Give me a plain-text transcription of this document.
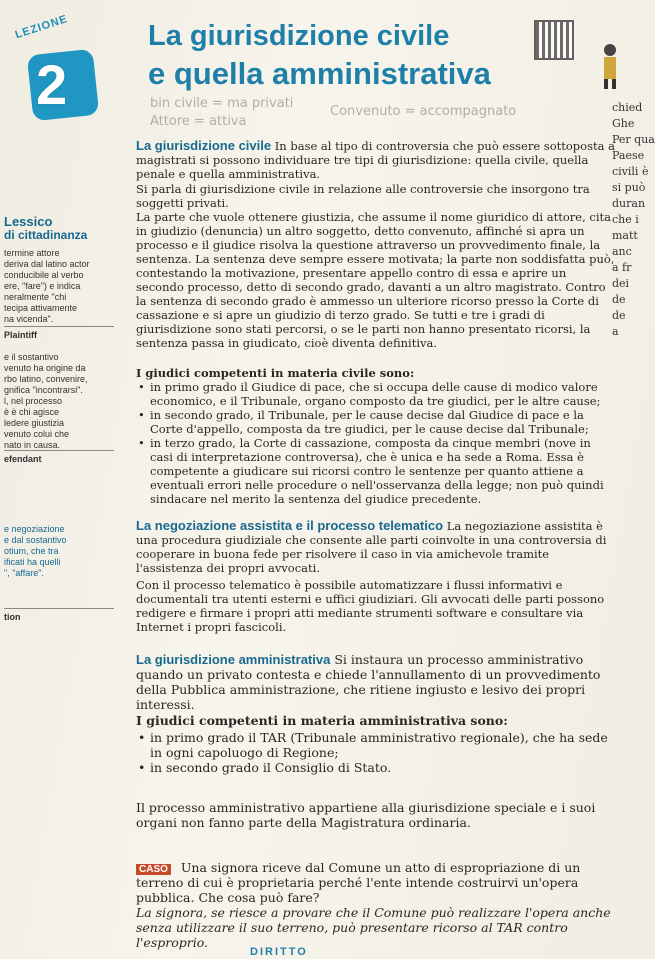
LEZIONE
2
La giurisdizione civile
e quella amministrativa
bin civile = ma privati
Attore = attiva
Convenuto = accompagnato	chied
Ghe
Per qua
Paese
civili è
si può
duran
che i
matt
anc
a fr
dei
de
de
a
Lessico
di cittadinanza
termine attore
deriva dal latino actor
conducibile al verbo
ere, "fare") e indica
neralmente "chi
tecipa attivamente
na vicenda".
Plaintiff
e il sostantivo
venuto ha origine da
rbo latino, convenire,
gnifica "incontrarsi".
l, nel processo
è è chi agisce
ledere giustizia
venuto colui che
nato in causa.
efendant
e negoziazione
e dal sostantivo
otium, che tra
ificati ha quelli
", "affare".
tion
La giurisdizione civile In base al tipo di controversia che può essere sottoposta a magistrati si possono individuare tre tipi di giurisdizione: quella civile, quella penale e quella amministrativa.
Si parla di giurisdizione civile in relazione alle controversie che insorgono tra soggetti privati.
La parte che vuole ottenere giustizia, che assume il nome giuridico di attore, cita in giudizio (denuncia) un altro soggetto, detto convenuto, affinché si apra un processo e il giudice risolva la questione attraverso un provvedimento finale, la sentenza. La sentenza deve sempre essere motivata; la parte non soddisfatta può, contestando la motivazione, presentare appello contro di essa e aprire un secondo processo, detto di secondo grado, davanti a un altro magistrato. Contro la sentenza di secondo grado è ammesso un ulteriore ricorso presso la Corte di cassazione e si apre un giudizio di terzo grado. Se tutti e tre i gradi di giurisdizione sono stati percorsi, o se le parti non hanno presentato ricorsi, la sentenza passa in giudicato, cioè diventa definitiva.
I giudici competenti in materia civile sono:
• in primo grado il Giudice di pace, che si occupa delle cause di modico valore economico, e il Tribunale, organo composto da tre giudici, per le altre cause;
• in secondo grado, il Tribunale, per le cause decise dal Giudice di pace e la Corte d'appello, composta da tre giudici, per le cause decise dal Tribunale;
• in terzo grado, la Corte di cassazione, composta da cinque membri (nove in casi di interpretazione controversa), che è unica e ha sede a Roma. Essa è competente a giudicare sui ricorsi contro le sentenze per quanto attiene a eventuali errori nelle procedure o nell'osservanza della legge; non può quindi sindacare nel merito la sentenza del giudice precedente.
La negoziazione assistita e il processo telematico La negoziazione assistita è una procedura giudiziale che consente alle parti coinvolte in una controversia di cooperare in buona fede per risolvere il caso in via amichevole tramite l'assistenza dei propri avvocati.
Con il processo telematico è possibile automatizzare i flussi informativi e documentali tra utenti esterni e uffici giudiziari. Gli avvocati delle parti possono redigere e firmare i propri atti mediante strumenti software e consultare via Internet i propri fascicoli.
La giurisdizione amministrativa Si instaura un processo amministrativo quando un privato contesta e chiede l'annullamento di un provvedimento della Pubblica amministrazione, che ritiene ingiusto e lesivo dei propri interessi.
I giudici competenti in materia amministrativa sono:
• in primo grado il TAR (Tribunale amministrativo regionale), che ha sede in ogni capoluogo di Regione;
• in secondo grado il Consiglio di Stato.
Il processo amministrativo appartiene alla giurisdizione speciale e i suoi organi non fanno parte della Magistratura ordinaria.
CASO Una signora riceve dal Comune un atto di espropriazione di un terreno di cui è proprietaria perché l'ente intende costruirvi un'opera pubblica. Che cosa può fare?
La signora, se riesce a provare che il Comune può realizzare l'opera anche senza utilizzare il suo terreno, può presentare ricorso al TAR contro l'esproprio.
DIRITTO
